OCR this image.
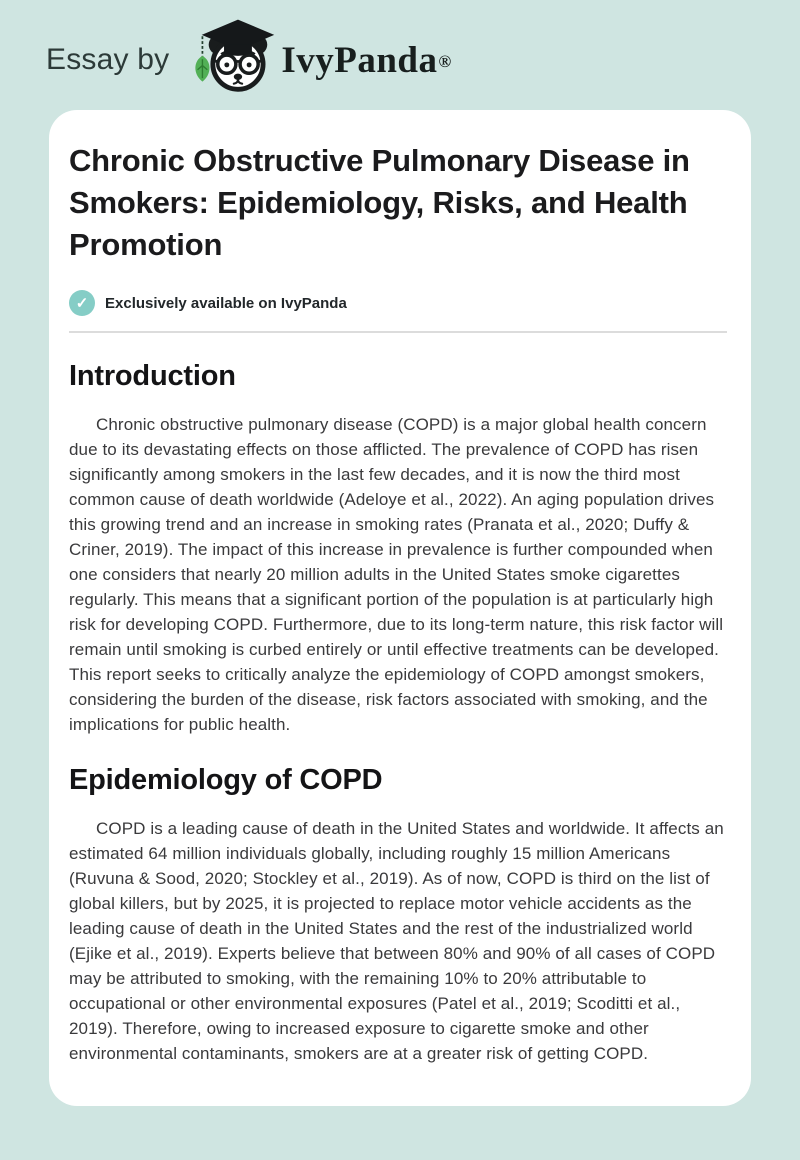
Essay by	IvyPanda ®
Chronic Obstructive Pulmonary Disease in Smokers: Epidemiology, Risks, and Health Promotion
✓	Exclusively available on IvyPanda
Introduction

Chronic obstructive pulmonary disease (COPD) is a major global health concern due to its devastating effects on those afflicted. The prevalence of COPD has risen significantly among smokers in the last few decades, and it is now the third most common cause of death worldwide (Adeloye et al., 2022). An aging population drives this growing trend and an increase in smoking rates (Pranata et al., 2020; Duffy & Criner, 2019). The impact of this increase in prevalence is further compounded when one considers that nearly 20 million adults in the United States smoke cigarettes regularly. This means that a significant portion of the population is at particularly high risk for developing COPD. Furthermore, due to its long-term nature, this risk factor will remain until smoking is curbed entirely or until effective treatments can be developed. This report seeks to critically analyze the epidemiology of COPD amongst smokers, considering the burden of the disease, risk factors associated with smoking, and the implications for public health.

Epidemiology of COPD

COPD is a leading cause of death in the United States and worldwide. It affects an estimated 64 million individuals globally, including roughly 15 million Americans (Ruvuna & Sood, 2020; Stockley et al., 2019). As of now, COPD is third on the list of global killers, but by 2025, it is projected to replace motor vehicle accidents as the leading cause of death in the United States and the rest of the industrialized world (Ejike et al., 2019). Experts believe that between 80% and 90% of all cases of COPD may be attributed to smoking, with the remaining 10% to 20% attributable to occupational or other environmental exposures (Patel et al., 2019; Scoditti et al., 2019). Therefore, owing to increased exposure to cigarette smoke and other environmental contaminants, smokers are at a greater risk of getting COPD.
